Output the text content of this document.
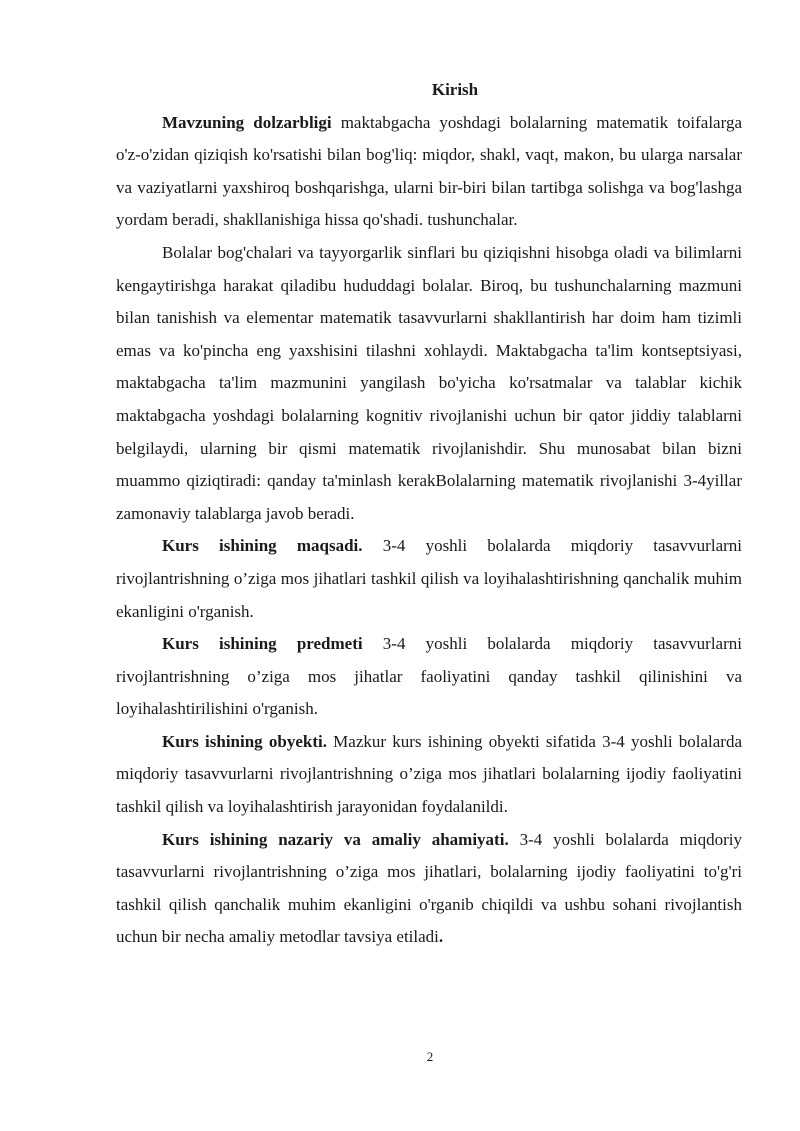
Kirish

Mavzuning dolzarbligi maktabgacha yoshdagi bolalarning matematik toifalarga o'z-o'zidan qiziqish ko'rsatishi bilan bog'liq: miqdor, shakl, vaqt, makon, bu ularga narsalar va vaziyatlarni yaxshiroq boshqarishga, ularni bir-biri bilan tartibga solishga va bog'lashga yordam beradi, shakllanishiga hissa qo'shadi. tushunchalar.

Bolalar bog'chalari va tayyorgarlik sinflari bu qiziqishni hisobga oladi va bilimlarni kengaytirishga harakat qiladibu hududdagi bolalar. Biroq, bu tushunchalarning mazmuni bilan tanishish va elementar matematik tasavvurlarni shakllantirish har doim ham tizimli emas va ko'pincha eng yaxshisini tilashni xohlaydi. Maktabgacha ta'lim kontseptsiyasi, maktabgacha ta'lim mazmunini yangilash bo'yicha ko'rsatmalar va talablar kichik maktabgacha yoshdagi bolalarning kognitiv rivojlanishi uchun bir qator jiddiy talablarni belgilaydi, ularning bir qismi matematik rivojlanishdir. Shu munosabat bilan bizni muammo qiziqtiradi: qanday ta'minlash kerakBolalarning matematik rivojlanishi 3-4yillar zamonaviy talablarga javob beradi.

Kurs ishining maqsadi. 3-4 yoshli bolalarda miqdoriy tasavvurlarni rivojlantrishning o’ziga mos jihatlari tashkil qilish va loyihalashtirishning qanchalik muhim ekanligini o'rganish.

Kurs ishining predmeti 3-4 yoshli bolalarda miqdoriy tasavvurlarni rivojlantrishning o’ziga mos jihatlar faoliyatini qanday tashkil qilinishini va loyihalashtirilishini o'rganish.

Kurs ishining obyekti. Mazkur kurs ishining obyekti sifatida 3-4 yoshli bolalarda miqdoriy tasavvurlarni rivojlantrishning o’ziga mos jihatlari bolalarning ijodiy faoliyatini tashkil qilish va loyihalashtirish jarayonidan foydalanildi.

Kurs ishining nazariy va amaliy ahamiyati. 3-4 yoshli bolalarda miqdoriy tasavvurlarni rivojlantrishning o’ziga mos jihatlari, bolalarning ijodiy faoliyatini to'g'ri tashkil qilish qanchalik muhim ekanligini o'rganib chiqildi va ushbu sohani rivojlantish uchun bir necha amaliy metodlar tavsiya etiladi.

2
